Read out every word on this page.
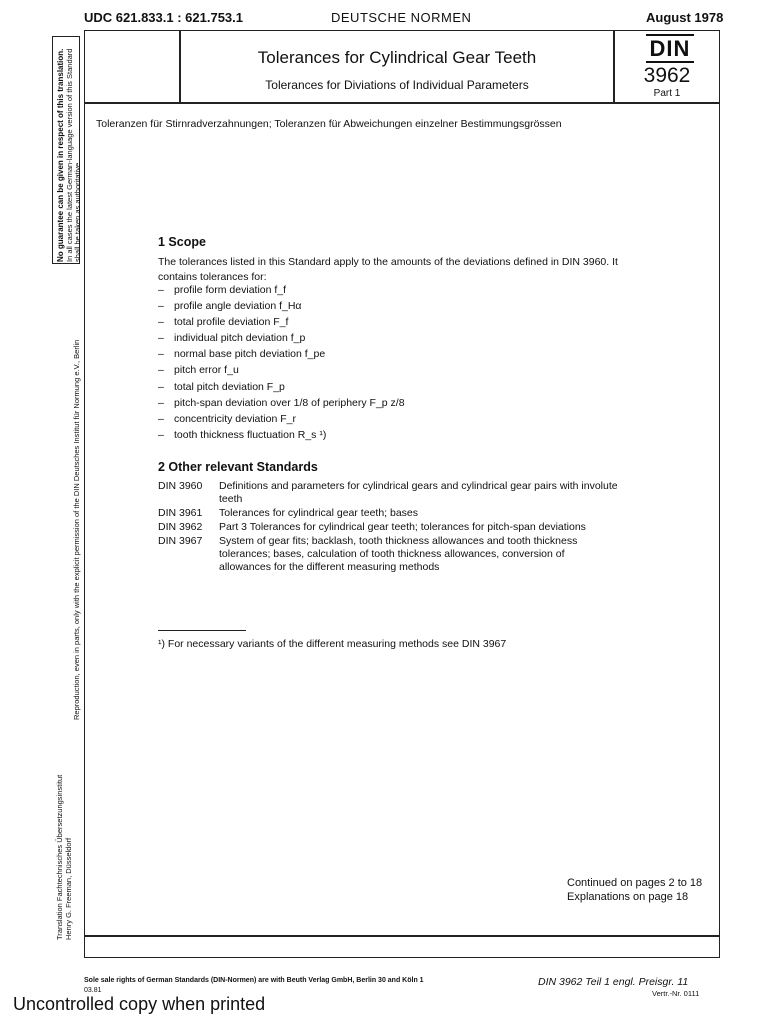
UDC 621.833.1 : 621.753.1	DEUTSCHE NORMEN	August 1978
Tolerances for Cylindrical Gear Teeth
Tolerances for Diviations of Individual Parameters
DIN
3962
Part 1
Toleranzen für Stirnradverzahnungen; Toleranzen für Abweichungen einzelner Bestimmungsgrössen
No guarantee can be given in respect of this translation. In all cases the latest German-language version of this Standard shall be taken as authoritative
Reproduction, even in parts, only with the explicit permission of the DIN Deutsches Institut für Normung e.V., Berlin
Translation Fachtechnisches Übersetzungsinstitut Henry G. Freeman, Düsseldorf
1 Scope
The tolerances listed in this Standard apply to the amounts of the deviations defined in DIN 3960. It contains tolerances for:
– profile form deviation f_f
– profile angle deviation f_Hα
– total profile deviation F_f
– individual pitch deviation f_p
– normal base pitch deviation f_pe
– pitch error f_u
– total pitch deviation F_p
– pitch-span deviation over 1/8 of periphery F_p z/8
– concentricity deviation F_r
– tooth thickness fluctuation R_s ¹)
2 Other relevant Standards
DIN 3960	Definitions and parameters for cylindrical gears and cylindrical gear pairs with involute teeth
DIN 3961	Tolerances for cylindrical gear teeth; bases
DIN 3962	Part 3 Tolerances for cylindrical gear teeth; tolerances for pitch-span deviations
DIN 3967	System of gear fits; backlash, tooth thickness allowances and tooth thickness tolerances; bases, calculation of tooth thickness allowances, conversion of allowances for the different measuring methods
¹) For necessary variants of the different measuring methods see DIN 3967
Continued on pages 2 to 18
Explanations on page 18
Sole sale rights of German Standards (DIN-Normen) are with Beuth Verlag GmbH, Berlin 30 and Köln 1
03.81
DIN 3962 Teil 1 engl. Preisgr. 11
Vertr.-Nr. 0111
Uncontrolled copy when printed
